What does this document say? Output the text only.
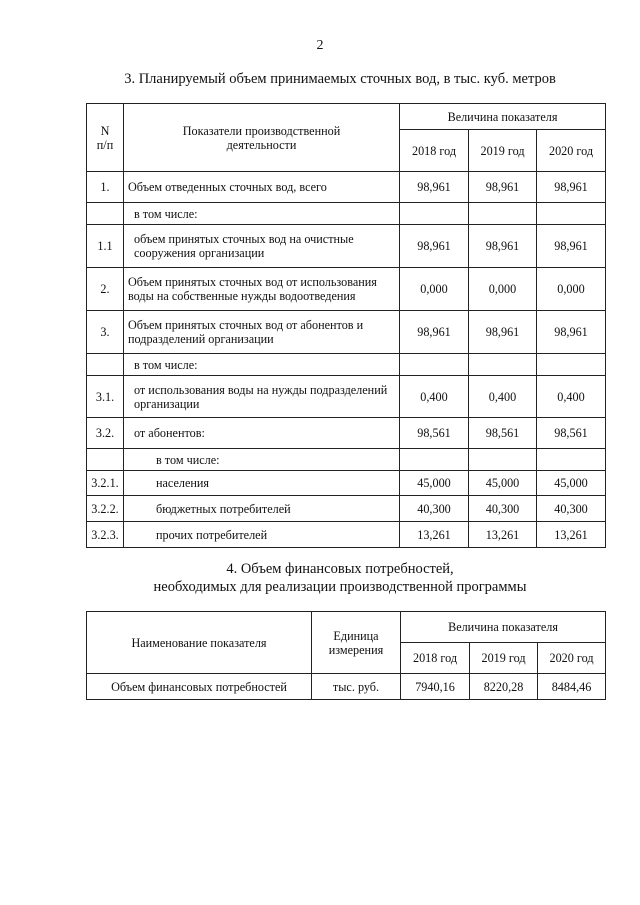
2
3. Планируемый объем принимаемых сточных вод, в тыс. куб. метров
N п/п	Показатели производственной деятельности	Величина показателя		
		2018 год	2019 год	2020 год
1.	Объем отведенных сточных вод, всего	98,961	98,961	98,961
	в том числе:			
1.1	объем принятых сточных вод на очистные сооружения организации	98,961	98,961	98,961
2.	Объем принятых сточных вод от использования воды на собственные нужды водоотведения	0,000	0,000	0,000
3.	Объем принятых сточных вод от абонентов и подразделений организации	98,961	98,961	98,961
	в том числе:			
3.1.	от использования воды на нужды подразделений организации	0,400	0,400	0,400
3.2.	от абонентов:	98,561	98,561	98,561
	в том числе:			
3.2.1.	населения	45,000	45,000	45,000
3.2.2.	бюджетных потребителей	40,300	40,300	40,300
3.2.3.	прочих потребителей	13,261	13,261	13,261
4. Объем финансовых потребностей,
необходимых для реализации производственной программы
Наименование показателя	Единица измерения	Величина показателя		
		2018 год	2019 год	2020 год
Объем финансовых потребностей	тыс. руб.	7940,16	8220,28	8484,46
